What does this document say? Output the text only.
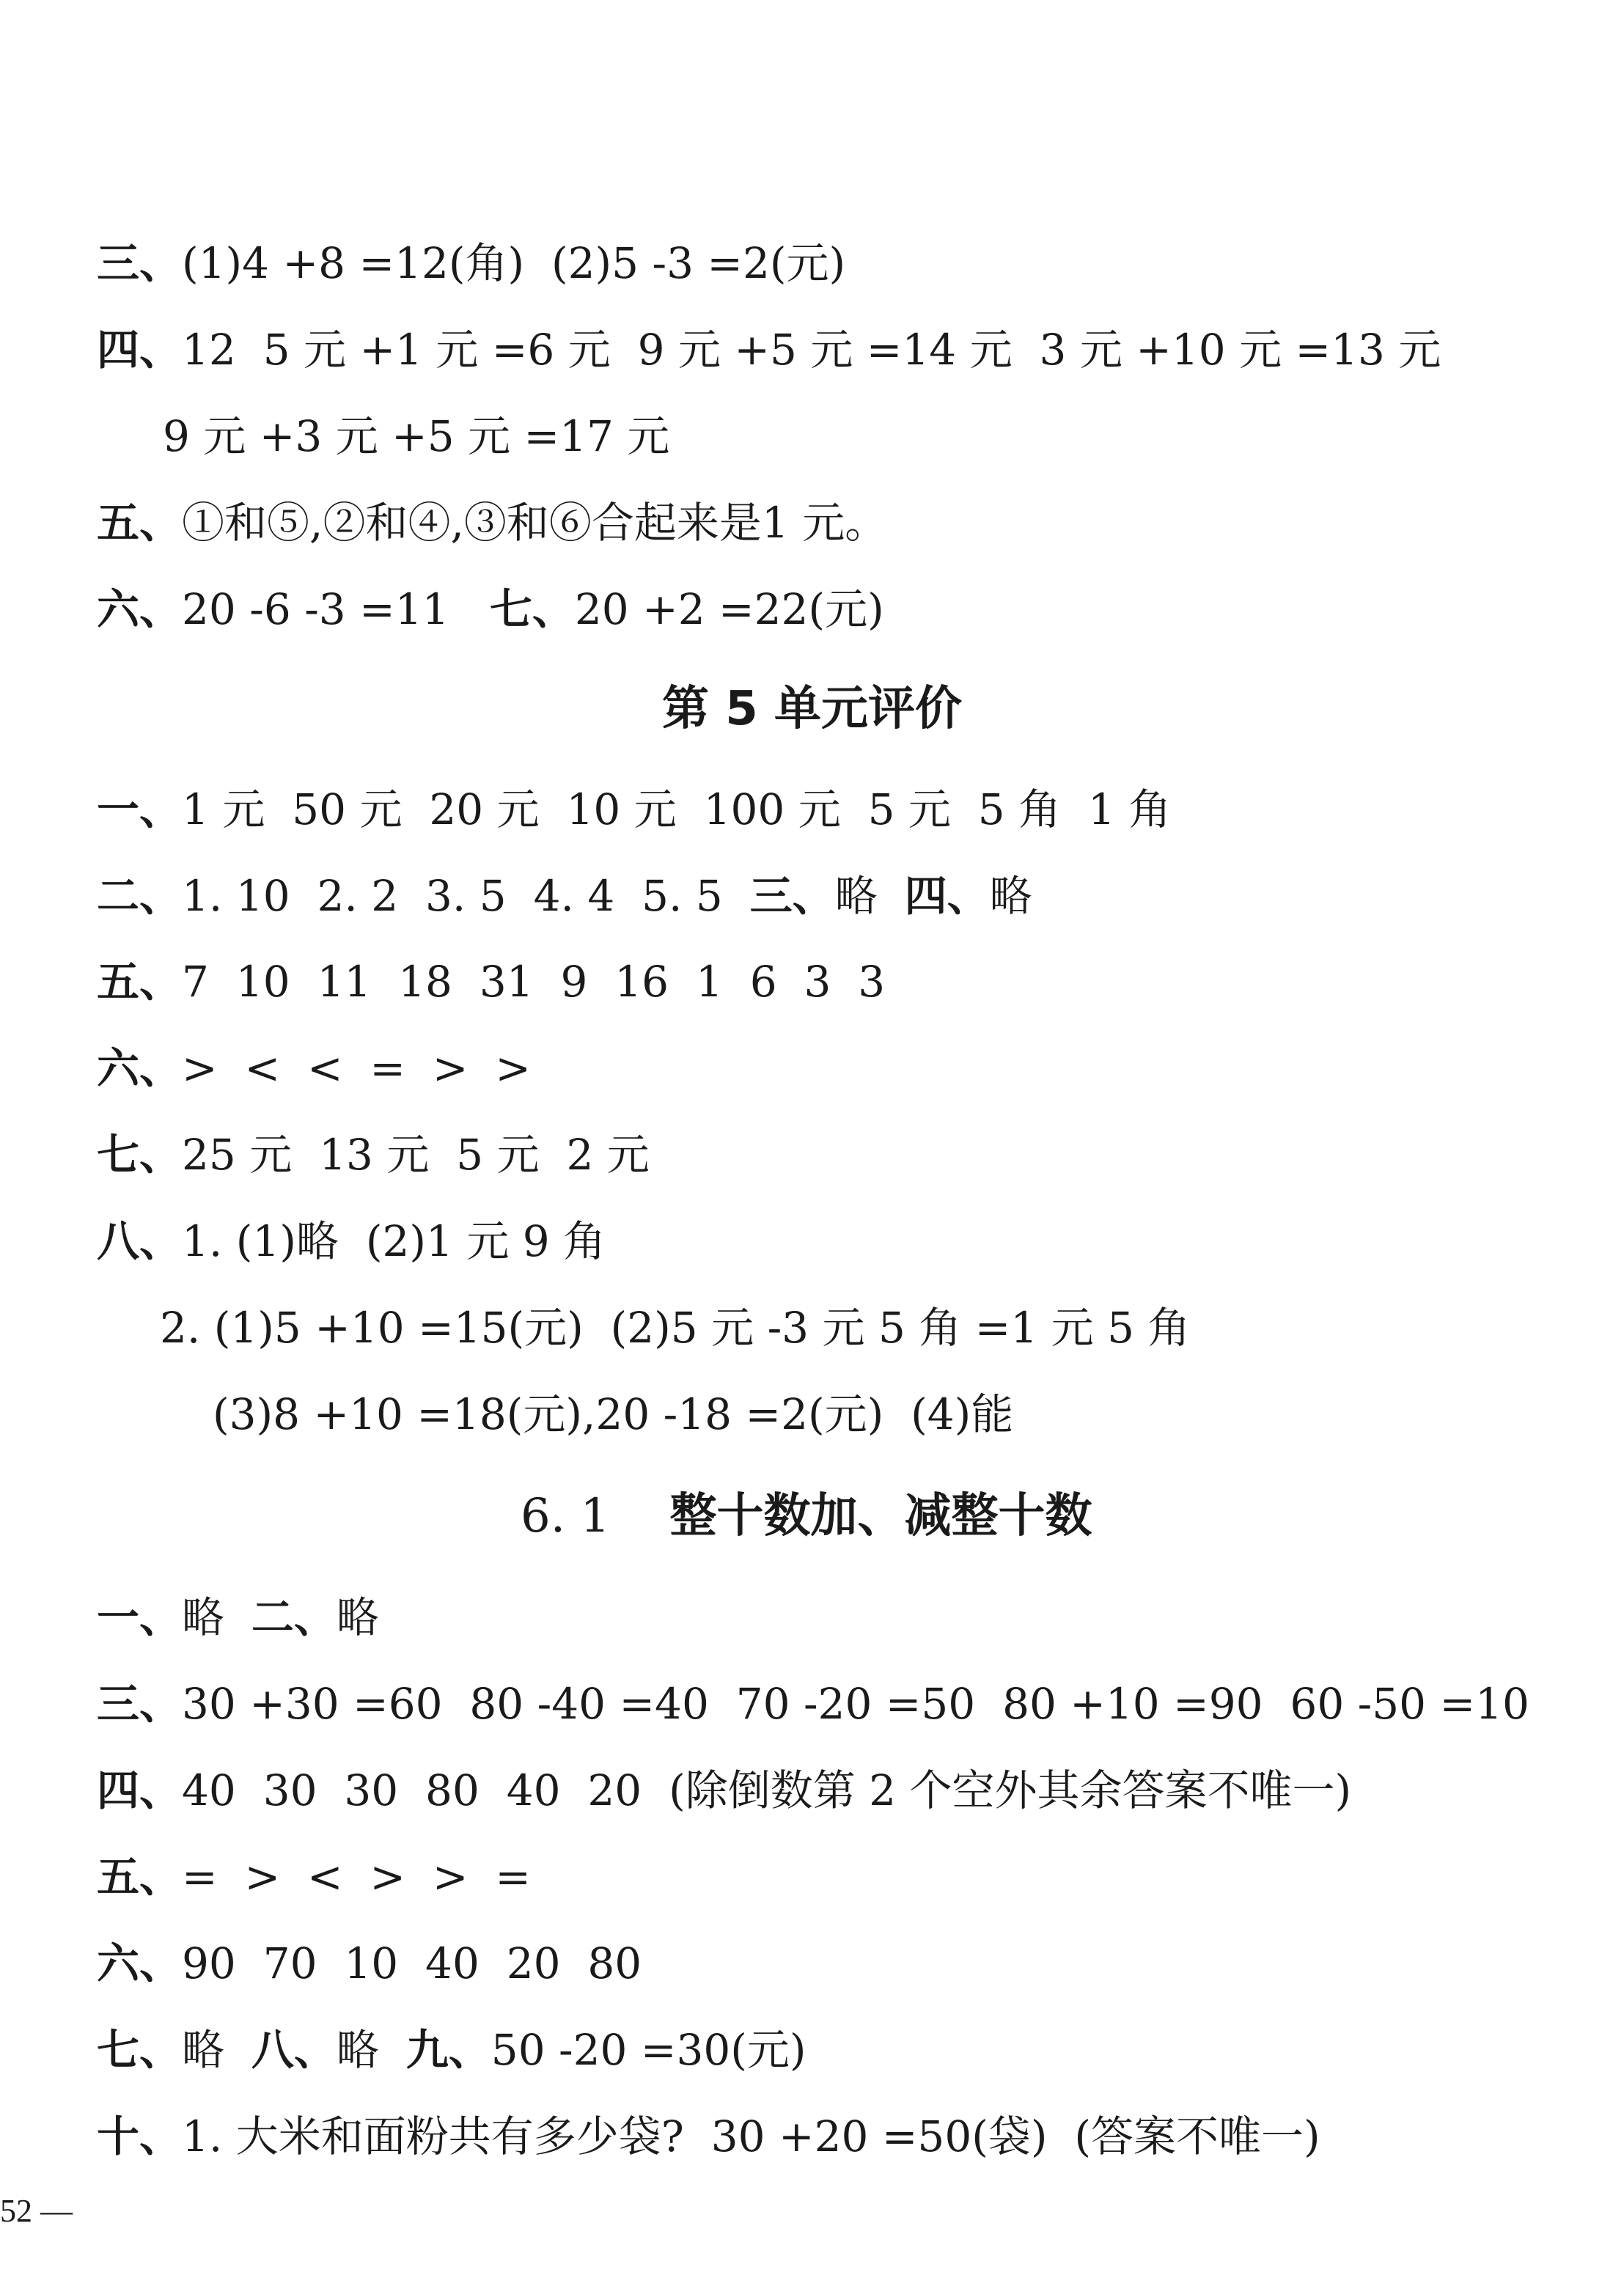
三、(1)4 +8 =12(角)  (2)5 -3 =2(元)
四、12  5 元 +1 元 =6 元  9 元 +5 元 =14 元  3 元 +10 元 =13 元
9 元 +3 元 +5 元 =17 元
五、①和⑤,②和④,③和⑥合起来是1 元。
六、20 -6 -3 =11   七、20 +2 =22(元)
第 5 单元评价
一、1 元  50 元  20 元  10 元  100 元  5 元  5 角  1 角
二、1. 10  2. 2  3. 5  4. 4  5. 5  三、略  四、略
五、7  10  11  18  31  9  16  1  6  3  3
六、>  <  <  =  >  >
七、25 元  13 元  5 元  2 元
八、1. (1)略  (2)1 元 9 角
2. (1)5 +10 =15(元)  (2)5 元 -3 元 5 角 =1 元 5 角
(3)8 +10 =18(元),20 -18 =2(元)  (4)能
6. 1 整十数加、减整十数
一、略  二、略
三、30 +30 =60  80 -40 =40  70 -20 =50  80 +10 =90  60 -50 =10
四、40  30  30  80  40  20  (除倒数第 2 个空外其余答案不唯一)
五、=  >  <  >  >  =
六、90  70  10  40  20  80
七、略  八、略  九、50 -20 =30(元)
十、1. 大米和面粉共有多少袋?  30 +20 =50(袋)  (答案不唯一)
52 —
